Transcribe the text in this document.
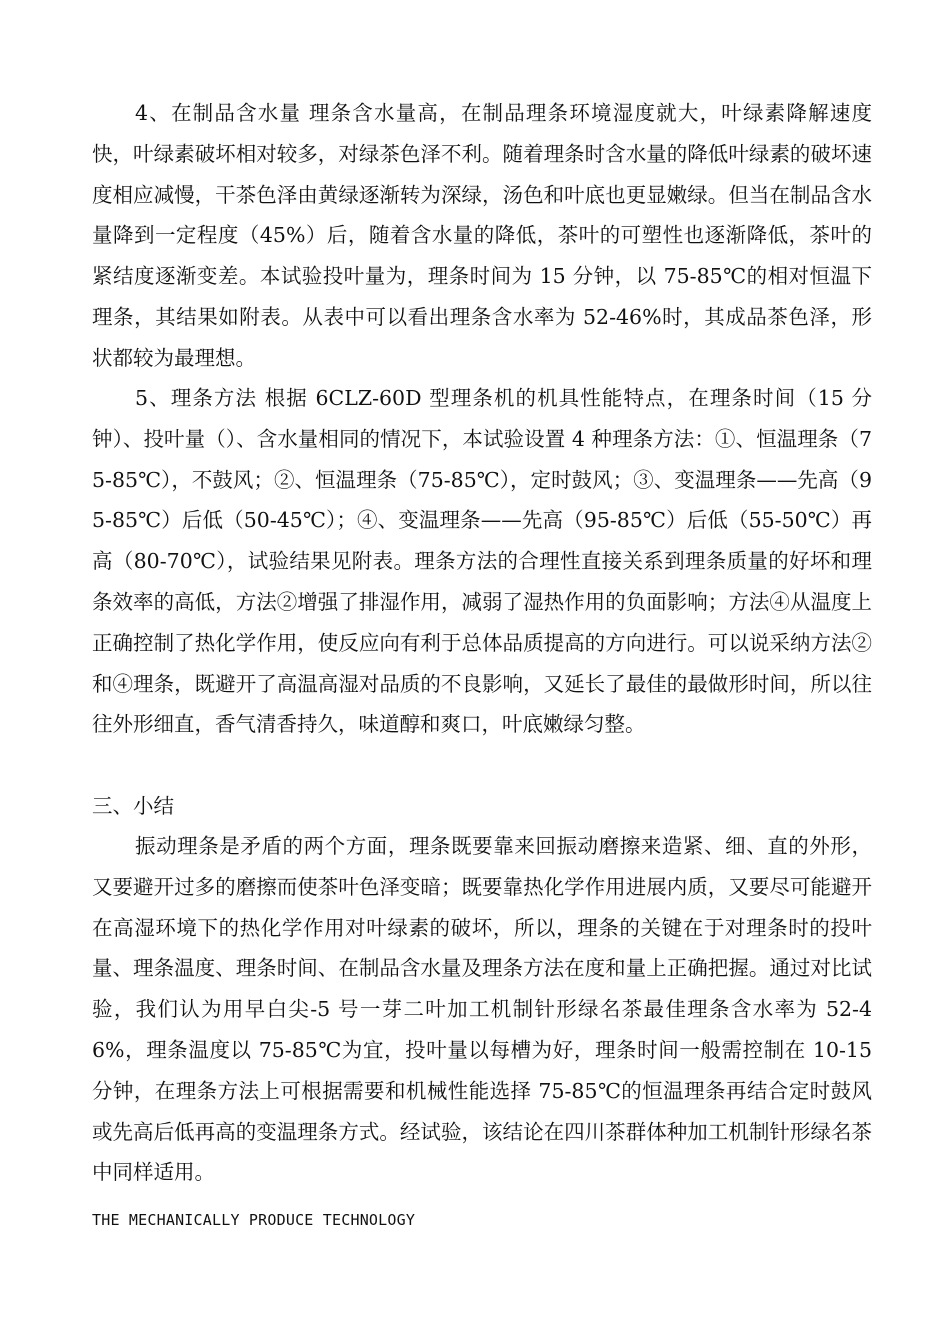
4、在制品含水量 理条含水量高，在制品理条环境湿度就大，叶绿素降解速度快，叶绿素破坏相对较多，对绿茶色泽不利。随着理条时含水量的降低叶绿素的破坏速度相应减慢，干茶色泽由黄绿逐渐转为深绿，汤色和叶底也更显嫩绿。但当在制品含水量降到一定程度（45%）后，随着含水量的降低，茶叶的可塑性也逐渐降低，茶叶的紧结度逐渐变差。本试验投叶量为，理条时间为 15 分钟，以 75-85℃的相对恒温下理条，其结果如附表。从表中可以看出理条含水率为 52-46%时，其成品茶色泽，形状都较为最理想。
5、理条方法 根据 6CLZ-60D 型理条机的机具性能特点，在理条时间（15 分钟）、投叶量（）、含水量相同的情况下，本试验设置 4 种理条方法：①、恒温理条（75-85℃），不鼓风；②、恒温理条（75-85℃），定时鼓风；③、变温理条——先高（95-85℃）后低（50-45℃）；④、变温理条——先高（95-85℃）后低（55-50℃）再高（80-70℃），试验结果见附表。理条方法的合理性直接关系到理条质量的好坏和理条效率的高低，方法②增强了排湿作用，减弱了湿热作用的负面影响；方法④从温度上正确控制了热化学作用，使反应向有利于总体品质提高的方向进行。可以说采纳方法②和④理条，既避开了高温高湿对品质的不良影响，又延长了最佳的最做形时间，所以往往外形细直，香气清香持久，味道醇和爽口，叶底嫩绿匀整。
三、小结
振动理条是矛盾的两个方面，理条既要靠来回振动磨擦来造紧、细、直的外形，又要避开过多的磨擦而使茶叶色泽变暗；既要靠热化学作用进展内质，又要尽可能避开在高湿环境下的热化学作用对叶绿素的破坏，所以，理条的关键在于对理条时的投叶量、理条温度、理条时间、在制品含水量及理条方法在度和量上正确把握。通过对比试验，我们认为用早白尖-5 号一芽二叶加工机制针形绿名茶最佳理条含水率为 52-46%，理条温度以 75-85℃为宜，投叶量以每槽为好，理条时间一般需控制在 10-15 分钟，在理条方法上可根据需要和机械性能选择 75-85℃的恒温理条再结合定时鼓风或先高后低再高的变温理条方式。经试验，该结论在四川茶群体种加工机制针形绿名茶中同样适用。
THE MECHANICALLY PRODUCE TECHNOLOGY
